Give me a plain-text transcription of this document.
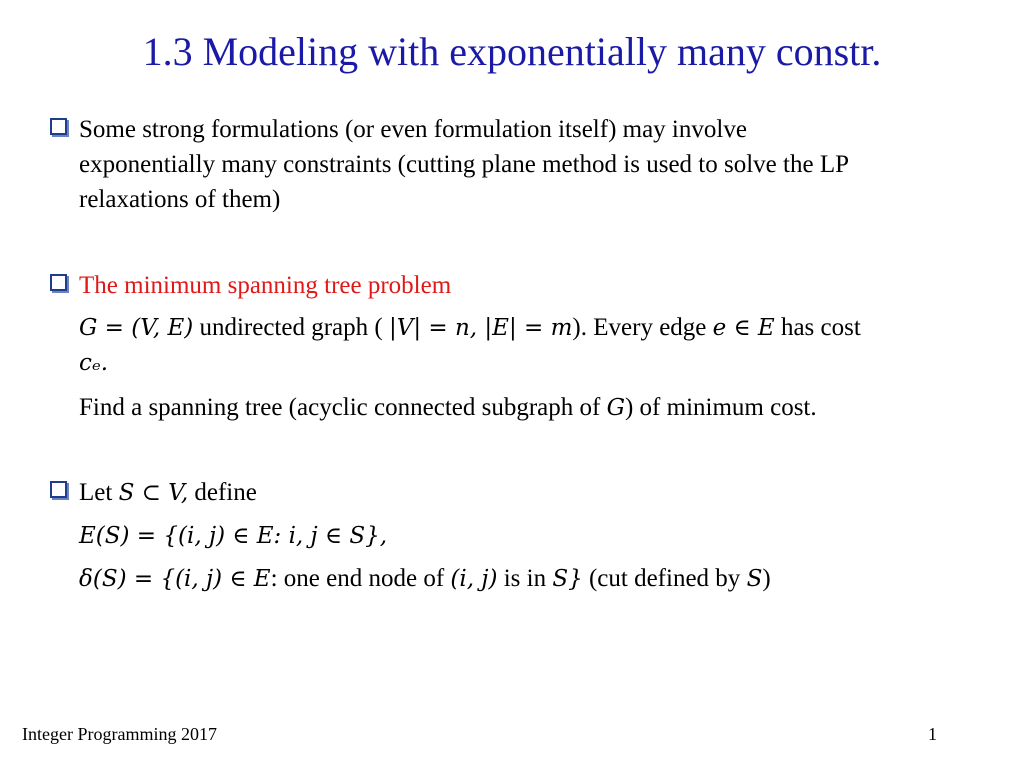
1.3 Modeling with exponentially many constr.
Some strong formulations (or even formulation itself) may involve
exponentially many constraints (cutting plane method is used to solve the LP
relaxations of them)
The minimum spanning tree problem
G = (V, E) undirected graph ( |V| = n, |E| = m). Every edge e ∈ E has cost
cₑ.
Find a spanning tree (acyclic connected subgraph of G) of minimum cost.
Let S ⊂ V, define
E(S) = {(i, j) ∈ E: i, j ∈ S},
δ(S) = {(i, j) ∈ E: one end node of (i, j) is in S} (cut defined by S)
Integer Programming 2017	1
